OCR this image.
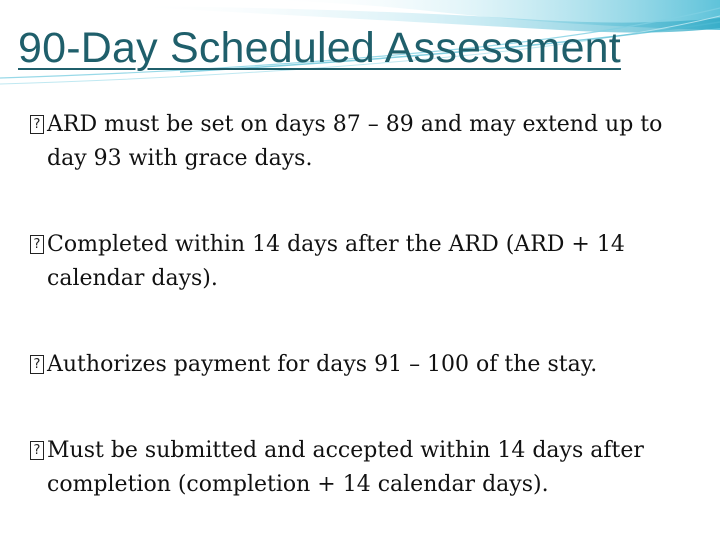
90-Day Scheduled Assessment
? ARD must be set on days 87 – 89 and may extend up to day 93 with grace days.
? Completed within 14 days after the ARD (ARD + 14 calendar days).
? Authorizes payment for days 91 – 100 of the stay.
? Must be submitted and accepted within 14 days after completion (completion + 14 calendar days).
